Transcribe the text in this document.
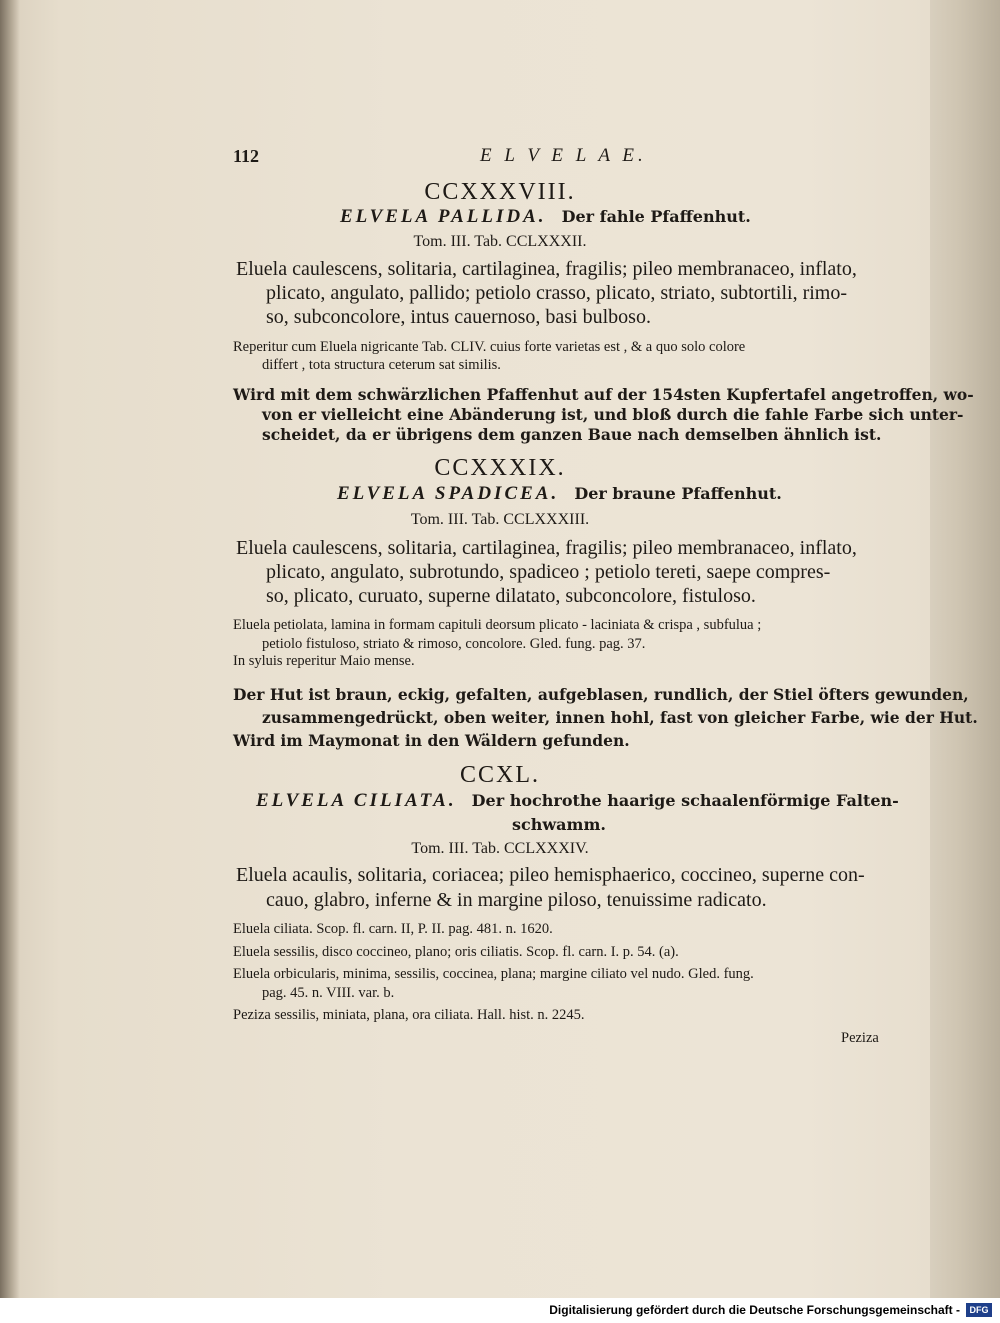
112	E L V E L A E.
CCXXXVIII.
ELVELA PALLIDA. Der fahle Pfaffenhut.
Tom. III. Tab. CCLXXXII.
Eluela caulescens, solitaria, cartilaginea, fragilis; pileo membranaceo, inflato,
plicato, angulato, pallido; petiolo crasso, plicato, striato, subtortili, rimo-
so, subconcolore, intus cauernoso, basi bulboso.
Reperitur cum Eluela nigricante Tab. CLIV. cuius forte varietas est , & a quo solo colore
differt , tota structura ceterum sat similis.
Wird mit dem schwärzlichen Pfaffenhut auf der 154sten Kupfertafel angetroffen, wo-
von er vielleicht eine Abänderung ist, und bloß durch die fahle Farbe sich unter-
scheidet, da er übrigens dem ganzen Baue nach demselben ähnlich ist.
CCXXXIX.
ELVELA SPADICEA. Der braune Pfaffenhut.
Tom. III. Tab. CCLXXXIII.
Eluela caulescens, solitaria, cartilaginea, fragilis; pileo membranaceo, inflato,
plicato, angulato, subrotundo, spadiceo ; petiolo tereti, saepe compres-
so, plicato, curuato, superne dilatato, subconcolore, fistuloso.
Eluela petiolata, lamina in formam capituli deorsum plicato - laciniata & crispa , subfulua ;
petiolo fistuloso, striato & rimoso, concolore. Gled. fung. pag. 37.
In syluis reperitur Maio mense.
Der Hut ist braun, eckig, gefalten, aufgeblasen, rundlich, der Stiel öfters gewunden,
zusammengedrückt, oben weiter, innen hohl, fast von gleicher Farbe, wie der Hut.
Wird im Maymonat in den Wäldern gefunden.
CCXL.
ELVELA CILIATA. Der hochrothe haarige schaalenförmige Falten-
schwamm.
Tom. III. Tab. CCLXXXIV.
Eluela acaulis, solitaria, coriacea; pileo hemisphaerico, coccineo, superne con-
cauo, glabro, inferne & in margine piloso, tenuissime radicato.
Eluela ciliata. Scop. fl. carn. II, P. II. pag. 481. n. 1620.
Eluela sessilis, disco coccineo, plano; oris ciliatis. Scop. fl. carn. I. p. 54. (a).
Eluela orbicularis, minima, sessilis, coccinea, plana; margine ciliato vel nudo. Gled. fung.
pag. 45. n. VIII. var. b.
Peziza sessilis, miniata, plana, ora ciliata. Hall. hist. n. 2245.
Peziza
Digitalisierung gefördert durch die Deutsche Forschungsgemeinschaft -	DFG
